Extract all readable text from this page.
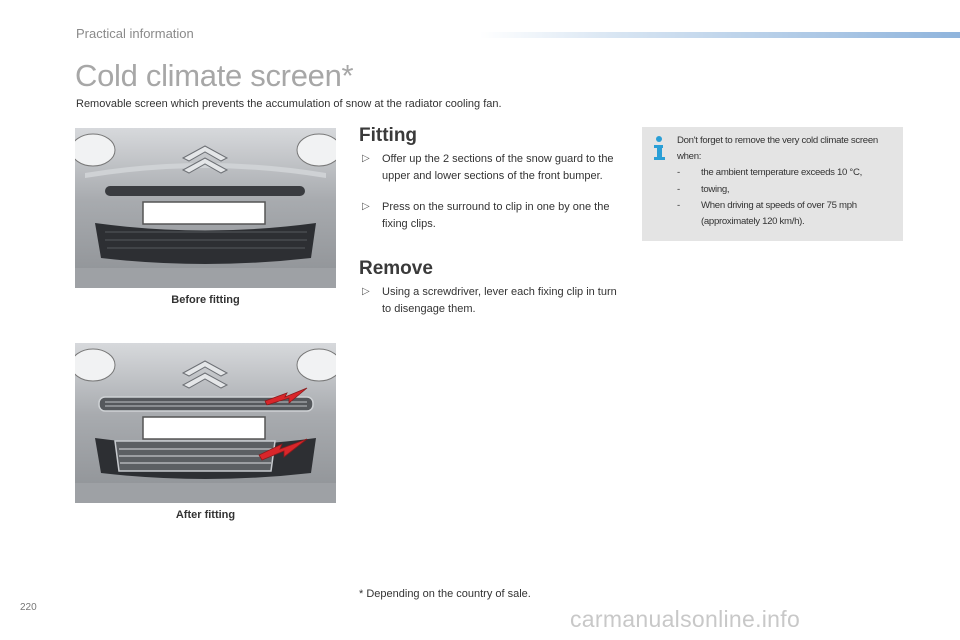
Practical information
Cold climate screen*

Removable screen which prevents the accumulation of snow at the radiator cooling fan.

Before fitting
After fitting
Fitting
▷ Offer up the 2 sections of the snow guard to the upper and lower sections of the front bumper.
▷ Press on the surround to clip in one by one the fixing clips.
Remove
▷ Using a screwdriver, lever each fixing clip in turn to disengage them.
Don't forget to remove the very cold climate screen when:
- the ambient temperature exceeds 10 °C,
- towing,
- When driving at speeds of over 75 mph (approximately 120 km/h).
* Depending on the country of sale.
220	carmanualsonline.info
